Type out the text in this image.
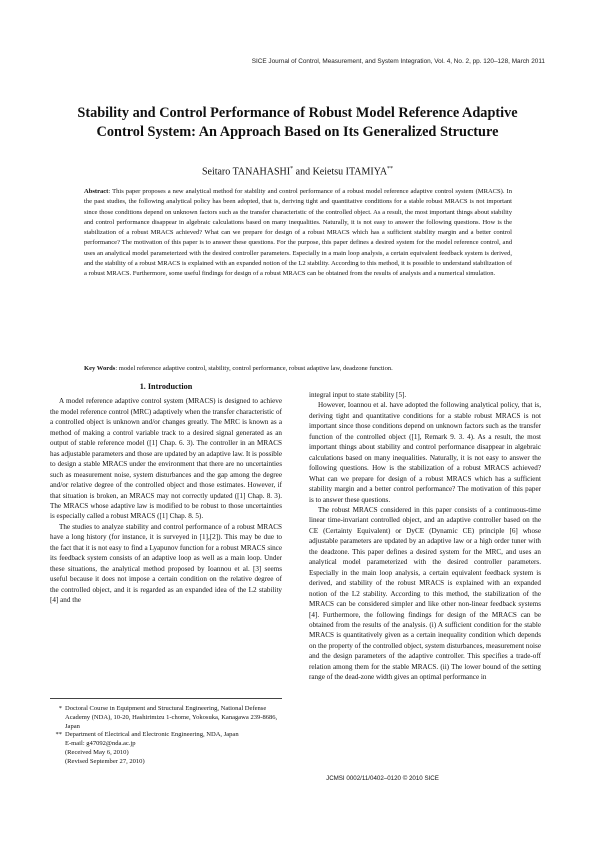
SICE Journal of Control, Measurement, and System Integration, Vol. 4, No. 2, pp. 120–128, March 2011
Stability and Control Performance of Robust Model Reference Adaptive
Control System: An Approach Based on Its Generalized Structure
Seitaro TANAHASHI* and Keietsu ITAMIYA**
Abstract: This paper proposes a new analytical method for stability and control performance of a robust model reference adaptive control system (MRACS). In the past studies, the following analytical policy has been adopted, that is, deriving tight and quantitative conditions for a stable robust MRACS is not important since those conditions depend on unknown factors such as the transfer characteristic of the controlled object. As a result, the most important things about stability and control performance disappear in algebraic calculations based on many inequalities. Naturally, it is not easy to answer the following questions. How is the stabilization of a robust MRACS achieved? What can we prepare for design of a robust MRACS which has a sufficient stability margin and a better control performance? The motivation of this paper is to answer these questions. For the purpose, this paper defines a desired system for the model reference control, and uses an analytical model parameterized with the desired controller parameters. Especially in a main loop analysis, a certain equivalent feedback system is derived, and the stability of a robust MRACS is explained with an expanded notion of the L2 stability. According to this method, it is possible to understand stabilization of a robust MRACS. Furthermore, some useful findings for design of a robust MRACS can be obtained from the results of analysis and a numerical simulation.
Key Words: model reference adaptive control, stability, control performance, robust adaptive law, deadzone function.
1. Introduction

A model reference adaptive control system (MRACS) is designed to achieve the model reference control (MRC) adaptively when the transfer characteristic of a controlled object is unknown and/or changes greatly. The MRC is known as a method of making a control variable track to a desired signal generated as an output of stable reference model ([1] Chap. 6. 3). The controller in an MRACS has adjustable parameters and those are updated by an adaptive law. It is possible to design a stable MRACS under the environment that there are no uncertainties such as measurement noise, system disturbances and the gap among the degree and/or relative degree of the controlled object and those estimates. However, if that situation is broken, an MRACS may not correctly updated ([1] Chap. 8. 3). The MRACS whose adaptive law is modified to be robust to those uncertainties is especially called a robust MRACS ([1] Chap. 8. 5).

The studies to analyze stability and control performance of a robust MRACS have a long history (for instance, it is surveyed in [1],[2]). This may be due to the fact that it is not easy to find a Lyapunov function for a robust MRACS since its feedback system consists of an adaptive loop as well as a main loop. Under these situations, the analytical method proposed by Ioannou et al. [3] seems useful because it does not impose a certain condition on the relative degree of the controlled object, and it is regarded as an expanded idea of the L2 stability [4] and the

integral input to state stability [5].

However, Ioannou et al. have adopted the following analytical policy, that is, deriving tight and quantitative conditions for a stable robust MRACS is not important since those conditions depend on unknown factors such as the transfer function of the controlled object ([1], Remark 9. 3. 4). As a result, the most important things about stability and control performance disappear in algebraic calculations based on many inequalities. Naturally, it is not easy to answer the following questions. How is the stabilization of a robust MRACS achieved? What can we prepare for design of a robust MRACS which has a sufficient stability margin and a better control performance? The motivation of this paper is to answer these questions.

The robust MRACS considered in this paper consists of a continuous-time linear time-invariant controlled object, and an adaptive controller based on the CE (Certainty Equivalent) or DyCE (Dynamic CE) principle [6] whose adjustable parameters are updated by an adaptive law or a high order tuner with the deadzone. This paper defines a desired system for the MRC, and uses an analytical model parameterized with the desired controller parameters. Especially in the main loop analysis, a certain equivalent feedback system is derived, and stability of the robust MRACS is explained with an expanded notion of the L2 stability. According to this method, the stabilization of the MRACS can be considered simpler and like other non-linear feedback systems [4]. Furthermore, the following findings for design of the MRACS can be obtained from the results of the analysis. (i) A sufficient condition for the stable MRACS is quantitatively given as a certain inequality condition which depends on the property of the controlled object, system disturbances, measurement noise and the design parameters of the adaptive controller. This specifies a trade-off relation among them for the stable MRACS. (ii) The lower bound of the setting range of the dead-zone width gives an optimal performance in

* Doctoral Course in Equipment and Structural Engineering, National Defense Academy (NDA), 10-20, Hashirimizu 1-chome, Yokosuka, Kanagawa 239-8686, Japan
** Department of Electrical and Electronic Engineering, NDA, Japan
E-mail: g47092@nda.ac.jp
(Received May 6, 2010)
(Revised September 27, 2010)
JCMSI 0002/11/0402–0120 © 2010 SICE
